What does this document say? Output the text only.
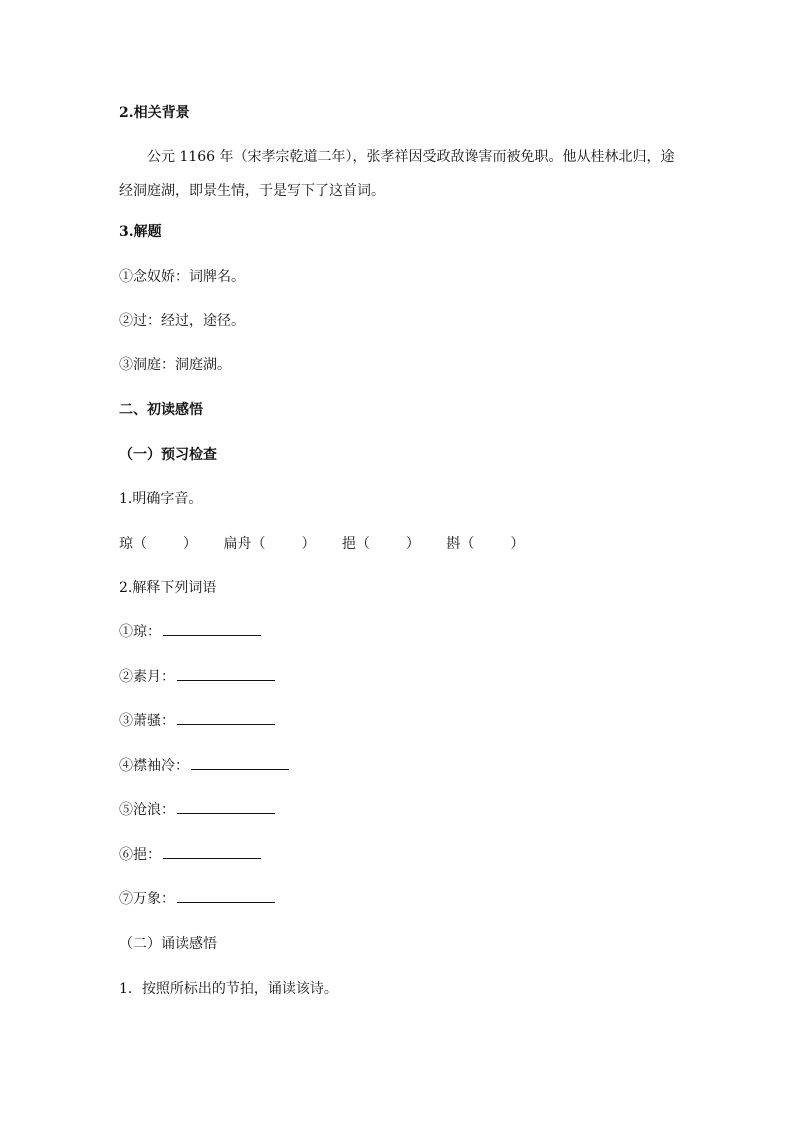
2.相关背景
公元 1166 年（宋孝宗乾道二年），张孝祥因受政敌谗害而被免职。他从桂林北归，途
经洞庭湖，即景生情，于是写下了这首词。
3.解题
①念奴娇：词牌名。
②过：经过，途径。
③洞庭：洞庭湖。
二、初读感悟
（一）预习检查
1.明确字音。
琼（	） 扁舟（	） 挹（	） 斟（	）
2.解释下列词语
①琼：
②素月：
③萧骚：
④襟袖冷：
⑤沧浪：
⑥挹：
⑦万象：
（二）诵读感悟
1．按照所标出的节拍，诵读该诗。
